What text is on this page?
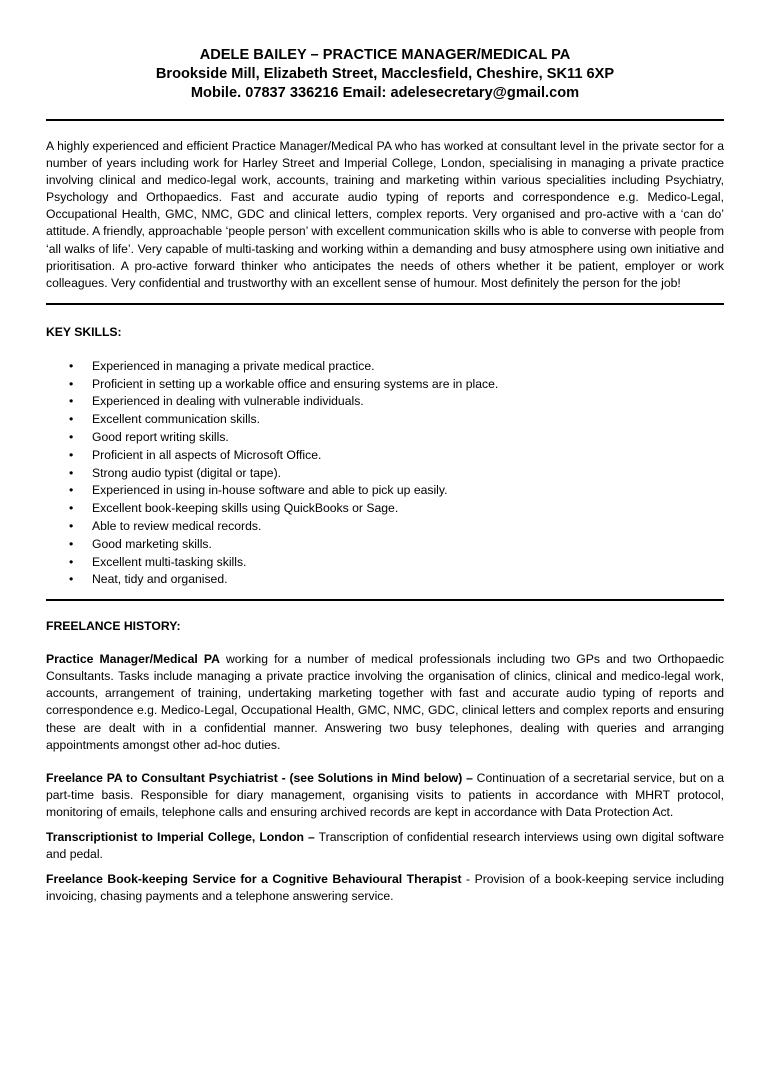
ADELE BAILEY – PRACTICE MANAGER/MEDICAL PA
Brookside Mill, Elizabeth Street, Macclesfield, Cheshire, SK11 6XP
Mobile. 07837 336216 Email: adelesecretary@gmail.com
A highly experienced and efficient Practice Manager/Medical PA who has worked at consultant level in the private sector for a number of years including work for Harley Street and Imperial College, London, specialising in managing a private practice involving clinical and medico-legal work, accounts, training and marketing within various specialities including Psychiatry, Psychology and Orthopaedics. Fast and accurate audio typing of reports and correspondence e.g. Medico-Legal, Occupational Health, GMC, NMC, GDC and clinical letters, complex reports. Very organised and pro-active with a ‘can do’ attitude. A friendly, approachable ‘people person’ with excellent communication skills who is able to converse with people from ‘all walks of life’. Very capable of multi-tasking and working within a demanding and busy atmosphere using own initiative and prioritisation. A pro-active forward thinker who anticipates the needs of others whether it be patient, employer or work colleagues. Very confidential and trustworthy with an excellent sense of humour. Most definitely the person for the job!
KEY SKILLS:
• Experienced in managing a private medical practice.
• Proficient in setting up a workable office and ensuring systems are in place.
• Experienced in dealing with vulnerable individuals.
• Excellent communication skills.
• Good report writing skills.
• Proficient in all aspects of Microsoft Office.
• Strong audio typist (digital or tape).
• Experienced in using in-house software and able to pick up easily.
• Excellent book-keeping skills using QuickBooks or Sage.
• Able to review medical records.
• Good marketing skills.
• Excellent multi-tasking skills.
• Neat, tidy and organised.
FREELANCE HISTORY:
Practice Manager/Medical PA working for a number of medical professionals including two GPs and two Orthopaedic Consultants. Tasks include managing a private practice involving the organisation of clinics, clinical and medico-legal work, accounts, arrangement of training, undertaking marketing together with fast and accurate audio typing of reports and correspondence e.g. Medico-Legal, Occupational Health, GMC, NMC, GDC, clinical letters and complex reports and ensuring these are dealt with in a confidential manner. Answering two busy telephones, dealing with queries and arranging appointments amongst other ad-hoc duties.
Freelance PA to Consultant Psychiatrist - (see Solutions in Mind below) – Continuation of a secretarial service, but on a part-time basis. Responsible for diary management, organising visits to patients in accordance with MHRT protocol, monitoring of emails, telephone calls and ensuring archived records are kept in accordance with Data Protection Act.
Transcriptionist to Imperial College, London – Transcription of confidential research interviews using own digital software and pedal.
Freelance Book-keeping Service for a Cognitive Behavioural Therapist - Provision of a book-keeping service including invoicing, chasing payments and a telephone answering service.
